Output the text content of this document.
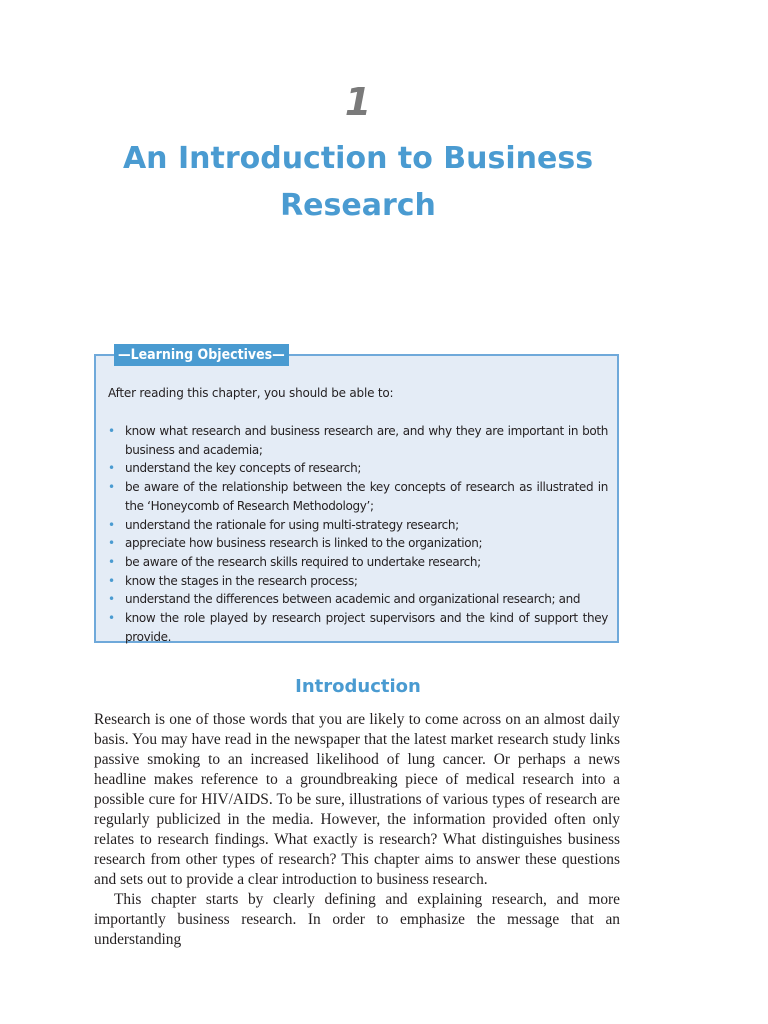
1
An Introduction to Business Research
—Learning Objectives—
After reading this chapter, you should be able to:
• know what research and business research are, and why they are important in both business and academia;
• understand the key concepts of research;
• be aware of the relationship between the key concepts of research as illustrated in the ‘Honeycomb of Research Methodology’;
• understand the rationale for using multi-strategy research;
• appreciate how business research is linked to the organization;
• be aware of the research skills required to undertake research;
• know the stages in the research process;
• understand the differences between academic and organizational research; and
• know the role played by research project supervisors and the kind of support they provide.
Introduction

Research is one of those words that you are likely to come across on an almost daily basis. You may have read in the newspaper that the latest market research study links passive smoking to an increased likelihood of lung cancer. Or perhaps a news headline makes reference to a groundbreaking piece of medical research into a possible cure for HIV/AIDS. To be sure, illustrations of various types of research are regularly publicized in the media. However, the information provided often only relates to research findings. What exactly is research? What distinguishes business research from other types of research? This chapter aims to answer these questions and sets out to provide a clear introduction to business research.

This chapter starts by clearly defining and explaining research, and more importantly business research. In order to emphasize the message that an understanding
